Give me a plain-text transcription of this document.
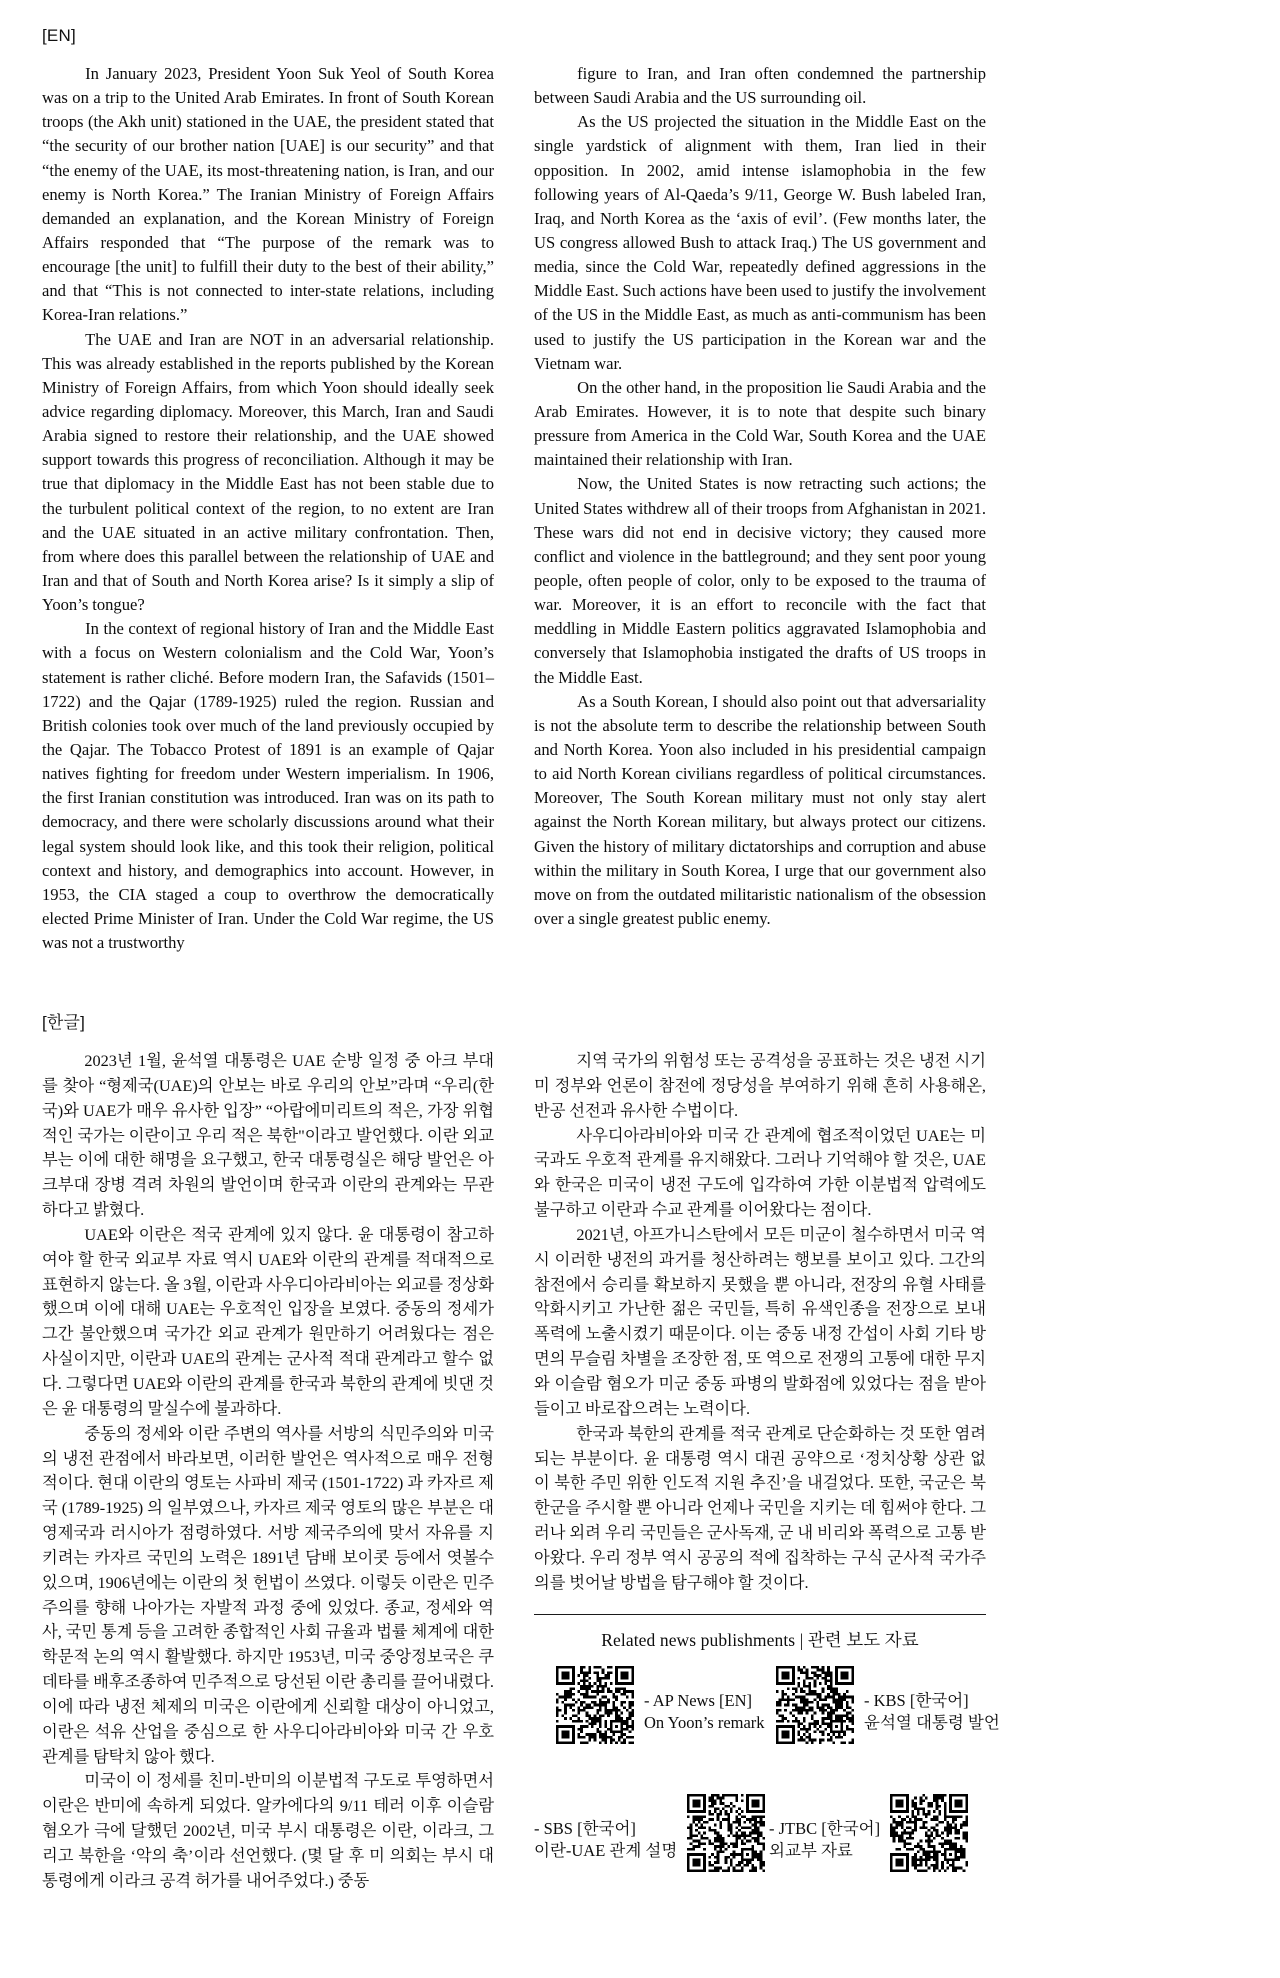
[EN]

In January 2023, President Yoon Suk Yeol of South Korea was on a trip to the United Arab Emirates. In front of South Korean troops (the Akh unit) stationed in the UAE, the president stated that “the security of our brother nation [UAE] is our security” and that “the enemy of the UAE, its most-threatening nation, is Iran, and our enemy is North Korea.” The Iranian Ministry of Foreign Affairs demanded an explanation, and the Korean Ministry of Foreign Affairs responded that “The purpose of the remark was to encourage [the unit] to fulfill their duty to the best of their ability,” and that “This is not connected to inter-state relations, including Korea-Iran relations.”

The UAE and Iran are NOT in an adversarial relationship. This was already established in the reports published by the Korean Ministry of Foreign Affairs, from which Yoon should ideally seek advice regarding diplomacy. Moreover, this March, Iran and Saudi Arabia signed to restore their relationship, and the UAE showed support towards this progress of reconciliation. Although it may be true that diplomacy in the Middle East has not been stable due to the turbulent political context of the region, to no extent are Iran and the UAE situated in an active military confrontation. Then, from where does this parallel between the relationship of UAE and Iran and that of South and North Korea arise? Is it simply a slip of Yoon’s tongue?

In the context of regional history of Iran and the Middle East with a focus on Western colonialism and the Cold War, Yoon’s statement is rather cliché. Before modern Iran, the Safavids (1501–1722) and the Qajar (1789-1925) ruled the region. Russian and British colonies took over much of the land previously occupied by the Qajar. The Tobacco Protest of 1891 is an example of Qajar natives fighting for freedom under Western imperialism. In 1906, the first Iranian constitution was introduced. Iran was on its path to democracy, and there were scholarly discussions around what their legal system should look like, and this took their religion, political context and history, and demographics into account. However, in 1953, the CIA staged a coup to overthrow the democratically elected Prime Minister of Iran. Under the Cold War regime, the US was not a trustworthy

figure to Iran, and Iran often condemned the partnership between Saudi Arabia and the US surrounding oil.

As the US projected the situation in the Middle East on the single yardstick of alignment with them, Iran lied in their opposition. In 2002, amid intense islamophobia in the few following years of Al-Qaeda’s 9/11, George W. Bush labeled Iran, Iraq, and North Korea as the ‘axis of evil’. (Few months later, the US congress allowed Bush to attack Iraq.) The US government and media, since the Cold War, repeatedly defined aggressions in the Middle East. Such actions have been used to justify the involvement of the US in the Middle East, as much as anti-communism has been used to justify the US participation in the Korean war and the Vietnam war.

On the other hand, in the proposition lie Saudi Arabia and the Arab Emirates. However, it is to note that despite such binary pressure from America in the Cold War, South Korea and the UAE maintained their relationship with Iran.

Now, the United States is now retracting such actions; the United States withdrew all of their troops from Afghanistan in 2021. These wars did not end in decisive victory; they caused more conflict and violence in the battleground; and they sent poor young people, often people of color, only to be exposed to the trauma of war. Moreover, it is an effort to reconcile with the fact that meddling in Middle Eastern politics aggravated Islamophobia and conversely that Islamophobia instigated the drafts of US troops in the Middle East.

As a South Korean, I should also point out that adversariality is not the absolute term to describe the relationship between South and North Korea. Yoon also included in his presidential campaign to aid North Korean civilians regardless of political circumstances. Moreover, The South Korean military must not only stay alert against the North Korean military, but always protect our citizens. Given the history of military dictatorships and corruption and abuse within the military in South Korea, I urge that our government also move on from the outdated militaristic nationalism of the obsession over a single greatest public enemy.

[한글]

2023년 1월, 윤석열 대통령은 UAE 순방 일정 중 아크 부대를 찾아 “형제국(UAE)의 안보는 바로 우리의 안보”라며 “우리(한국)와 UAE가 매우 유사한 입장” “아랍에미리트의 적은, 가장 위협적인 국가는 이란이고 우리 적은 북한"이라고 발언했다. 이란 외교부는 이에 대한 해명을 요구했고, 한국 대통령실은 해당 발언은 아크부대 장병 격려 차원의 발언이며 한국과 이란의 관계와는 무관하다고 밝혔다.

UAE와 이란은 적국 관계에 있지 않다. 윤 대통령이 참고하여야 할 한국 외교부 자료 역시 UAE와 이란의 관계를 적대적으로 표현하지 않는다. 올 3월, 이란과 사우디아라비아는 외교를 정상화했으며 이에 대해 UAE는 우호적인 입장을 보였다. 중동의 정세가 그간 불안했으며 국가간 외교 관계가 원만하기 어려웠다는 점은 사실이지만, 이란과 UAE의 관계는 군사적 적대 관계라고 할수 없다. 그렇다면 UAE와 이란의 관계를 한국과 북한의 관계에 빗댄 것은 윤 대통령의 말실수에 불과하다.

중동의 정세와 이란 주변의 역사를 서방의 식민주의와 미국의 냉전 관점에서 바라보면, 이러한 발언은 역사적으로 매우 전형적이다. 현대 이란의 영토는 사파비 제국 (1501-1722) 과 카자르 제국 (1789-1925) 의 일부였으나, 카자르 제국 영토의 많은 부분은 대영제국과 러시아가 점령하였다. 서방 제국주의에 맞서 자유를 지키려는 카자르 국민의 노력은 1891년 담배 보이콧 등에서 엿볼수 있으며, 1906년에는 이란의 첫 헌법이 쓰였다. 이렇듯 이란은 민주주의를 향해 나아가는 자발적 과정 중에 있었다. 종교, 정세와 역사, 국민 통계 등을 고려한 종합적인 사회 규율과 법률 체계에 대한 학문적 논의 역시 활발했다. 하지만 1953년, 미국 중앙정보국은 쿠데타를 배후조종하여 민주적으로 당선된 이란 총리를 끌어내렸다. 이에 따라 냉전 체제의 미국은 이란에게 신뢰할 대상이 아니었고, 이란은 석유 산업을 중심으로 한 사우디아라비아와 미국 간 우호관계를 탐탁치 않아 했다.

미국이 이 정세를 친미-반미의 이분법적 구도로 투영하면서 이란은 반미에 속하게 되었다. 알카에다의 9/11 테러 이후 이슬람 혐오가 극에 달했던 2002년, 미국 부시 대통령은 이란, 이라크, 그리고 북한을 ‘악의 축’이라 선언했다. (몇 달 후 미 의회는 부시 대통령에게 이라크 공격 허가를 내어주었다.) 중동

지역 국가의 위험성 또는 공격성을 공표하는 것은 냉전 시기 미 정부와 언론이 참전에 정당성을 부여하기 위해 흔히 사용해온, 반공 선전과 유사한 수법이다.

사우디아라비아와 미국 간 관계에 협조적이었던 UAE는 미국과도 우호적 관계를 유지해왔다. 그러나 기억해야 할 것은, UAE와 한국은 미국이 냉전 구도에 입각하여 가한 이분법적 압력에도 불구하고 이란과 수교 관계를 이어왔다는 점이다.

2021년, 아프가니스탄에서 모든 미군이 철수하면서 미국 역시 이러한 냉전의 과거를 청산하려는 행보를 보이고 있다. 그간의 참전에서 승리를 확보하지 못했을 뿐 아니라, 전장의 유혈 사태를 악화시키고 가난한 젊은 국민들, 특히 유색인종을 전장으로 보내 폭력에 노출시켰기 때문이다. 이는 중동 내정 간섭이 사회 기타 방면의 무슬림 차별을 조장한 점, 또 역으로 전쟁의 고통에 대한 무지와 이슬람 혐오가 미군 중동 파병의 발화점에 있었다는 점을 받아들이고 바로잡으려는 노력이다.

한국과 북한의 관계를 적국 관계로 단순화하는 것 또한 염려되는 부분이다. 윤 대통령 역시 대권 공약으로 ‘정치상황 상관 없이 북한 주민 위한 인도적 지원 추진’을 내걸었다. 또한, 국군은 북한군을 주시할 뿐 아니라 언제나 국민을 지키는 데 힘써야 한다. 그러나 외려 우리 국민들은 군사독재, 군 내 비리와 폭력으로 고통 받아왔다. 우리 정부 역시 공공의 적에 집착하는 구식 군사적 국가주의를 벗어날 방법을 탐구해야 할 것이다.

Related news publishments | 관련 보도 자료
- AP News [EN]
On Yoon’s remark
- KBS [한국어]
윤석열 대통령 발언
- SBS [한국어]
이란-UAE 관계 설명
- JTBC [한국어]
외교부 자료
